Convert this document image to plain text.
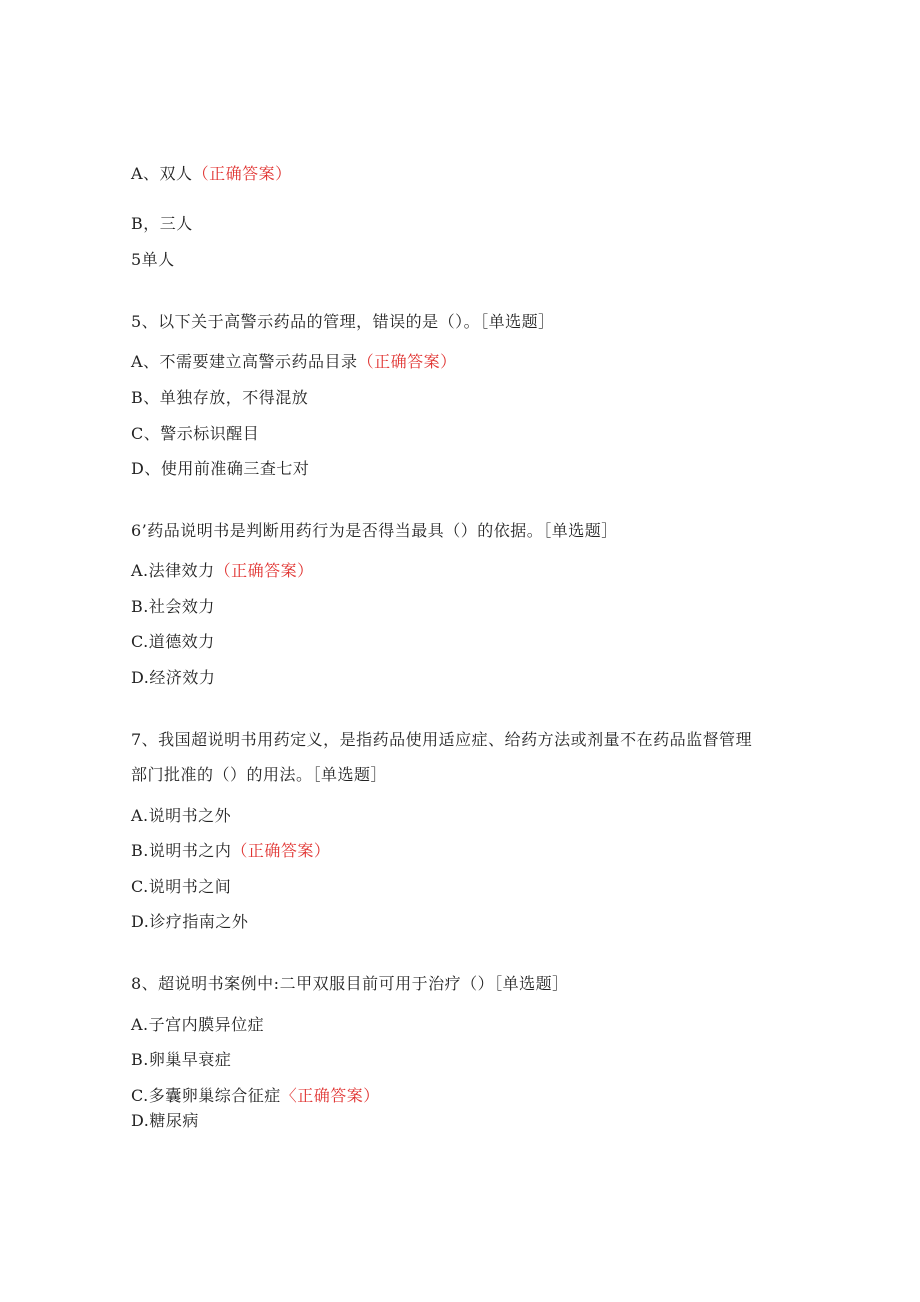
A、双人（正确答案）
B，三人
5单人
5、以下关于高警示药品的管理，错误的是（）。［单选题］
A、不需要建立高警示药品目录（正确答案）
B、单独存放，不得混放
C、警示标识醒目
D、使用前准确三查七对
6’药品说明书是判断用药行为是否得当最具（）的依据。［单选题］
A.法律效力（正确答案）
B.社会效力
C.道德效力
D.经济效力
7、我国超说明书用药定义，是指药品使用适应症、给药方法或剂量不在药品监督管理
部门批准的（）的用法。［单选题］
A.说明书之外
B.说明书之内（正确答案）
C.说明书之间
D.诊疗指南之外
8、超说明书案例中:二甲双服目前可用于治疗（）［单选题］
A.子宫内膜异位症
B.卵巢早衰症
C.多囊卵巢综合征症〈正确答案）
D.糖尿病
